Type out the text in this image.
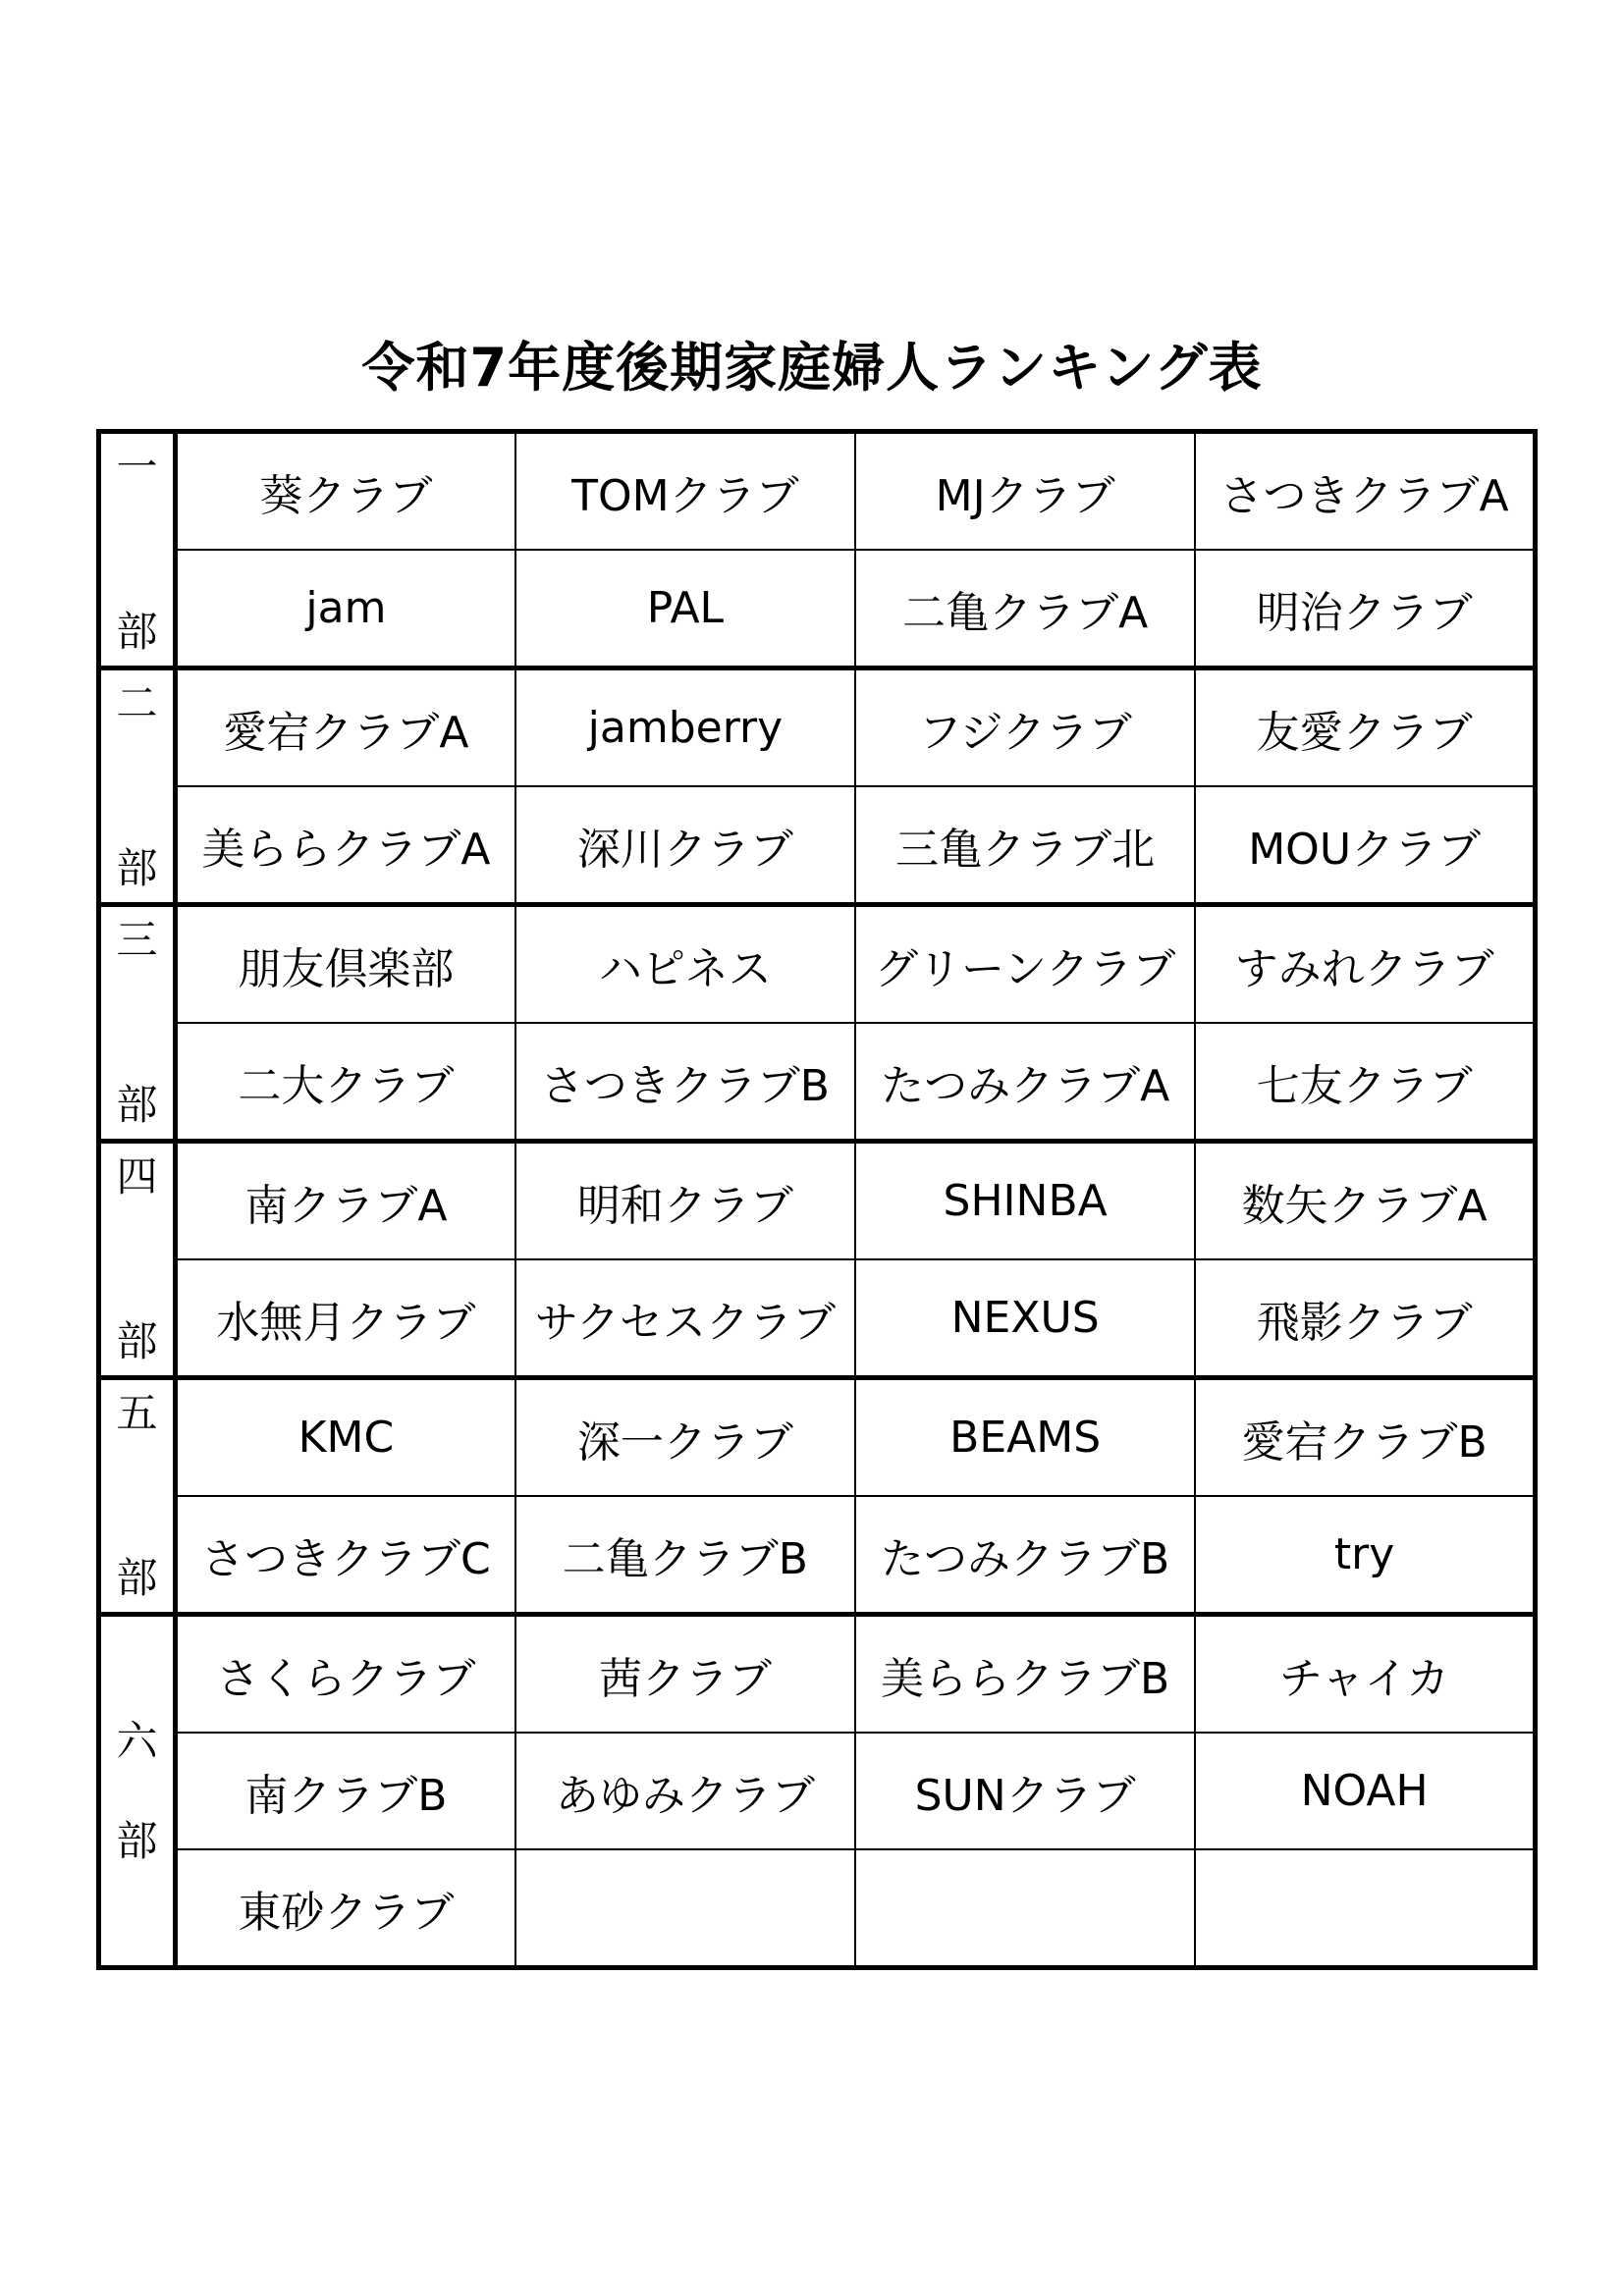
令和7年度後期家庭婦人ランキング表
一
部	葵クラブ	TOMクラブ	MJクラブ	さつきクラブA
	jam	PAL	二亀クラブA	明治クラブ

二
部	愛宕クラブA	jamberry	フジクラブ	友愛クラブ
	美ららクラブA	深川クラブ	三亀クラブ北	MOUクラブ

三
部	朋友倶楽部	ハピネス	グリーンクラブ	すみれクラブ
	二大クラブ	さつきクラブB	たつみクラブA	七友クラブ

四
部	南クラブA	明和クラブ	SHINBA	数矢クラブA
	水無月クラブ	サクセスクラブ	NEXUS	飛影クラブ

五
部	KMC	深一クラブ	BEAMS	愛宕クラブB
	さつきクラブC	二亀クラブB	たつみクラブB	try

六
部	さくらクラブ	茜クラブ	美ららクラブB	チャイカ
	南クラブB	あゆみクラブ	SUNクラブ	NOAH
	東砂クラブ			
